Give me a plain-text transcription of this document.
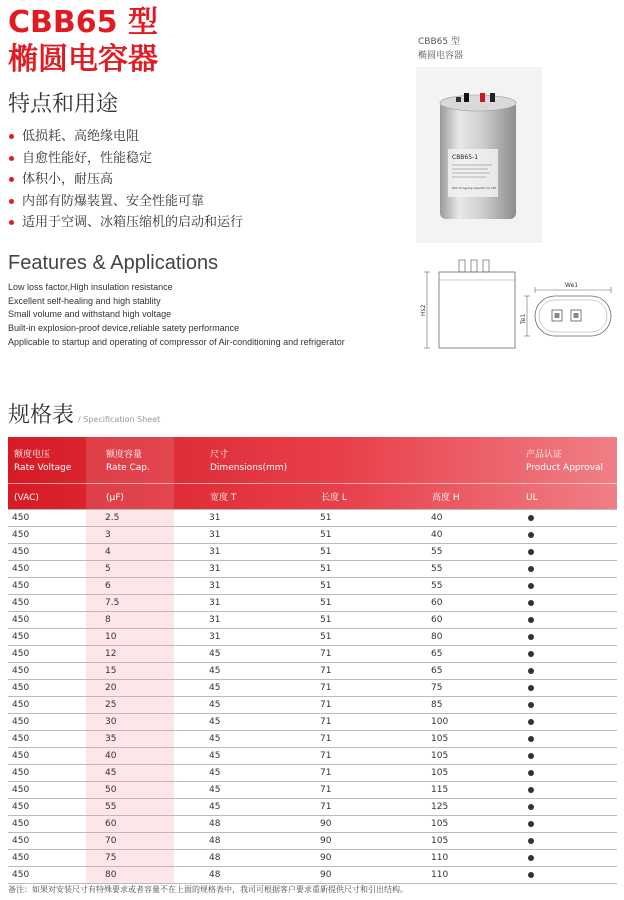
CBB65 型
椭圆电容器
特点和用途
低损耗、高绝缘电阻
自愈性能好，性能稳定
体积小，耐压高
内部有防爆装置、安全性能可靠
适用于空调、冰箱压缩机的启动和运行
Features & Applications
Low loss factor,High insulation resistance
Excellent self-healing and high stablity
Small volume and withstand high voltage
Built-in explosion-proof device,reliable satety performance
Applicable to startup and operating of compressor of Air-conditioning and refrigerator
CBB65 型
椭圆电容器
CBB65-1
Wuxi Hongyang Capacitor Co.,LTD
Hs2
We1
Te1
规格表 / Specification Sheet
额度电压
Rate Voltage
额度容量
Rate Cap.
尺寸
Dimensions(mm)
产品认证
Product Approval
(VAC)	(μF)	宽度 T	长度 L	高度 H	UL
450	2.5	31	51	40
450	3	31	51	40
450	4	31	51	55
450	5	31	51	55
450	6	31	51	55
450	7.5	31	51	60
450	8	31	51	60
450	10	31	51	80
450	12	45	71	65
450	15	45	71	65
450	20	45	71	75
450	25	45	71	85
450	30	45	71	100
450	35	45	71	105
450	40	45	71	105
450	45	45	71	105
450	50	45	71	115
450	55	45	71	125
450	60	48	90	105
450	70	48	90	105
450	75	48	90	110
450	80	48	90	110
备注：如果对安装尺寸有特殊要求或者容量不在上面的规格表中，我司可根据客户要求重新提供尺寸和引出结构。
